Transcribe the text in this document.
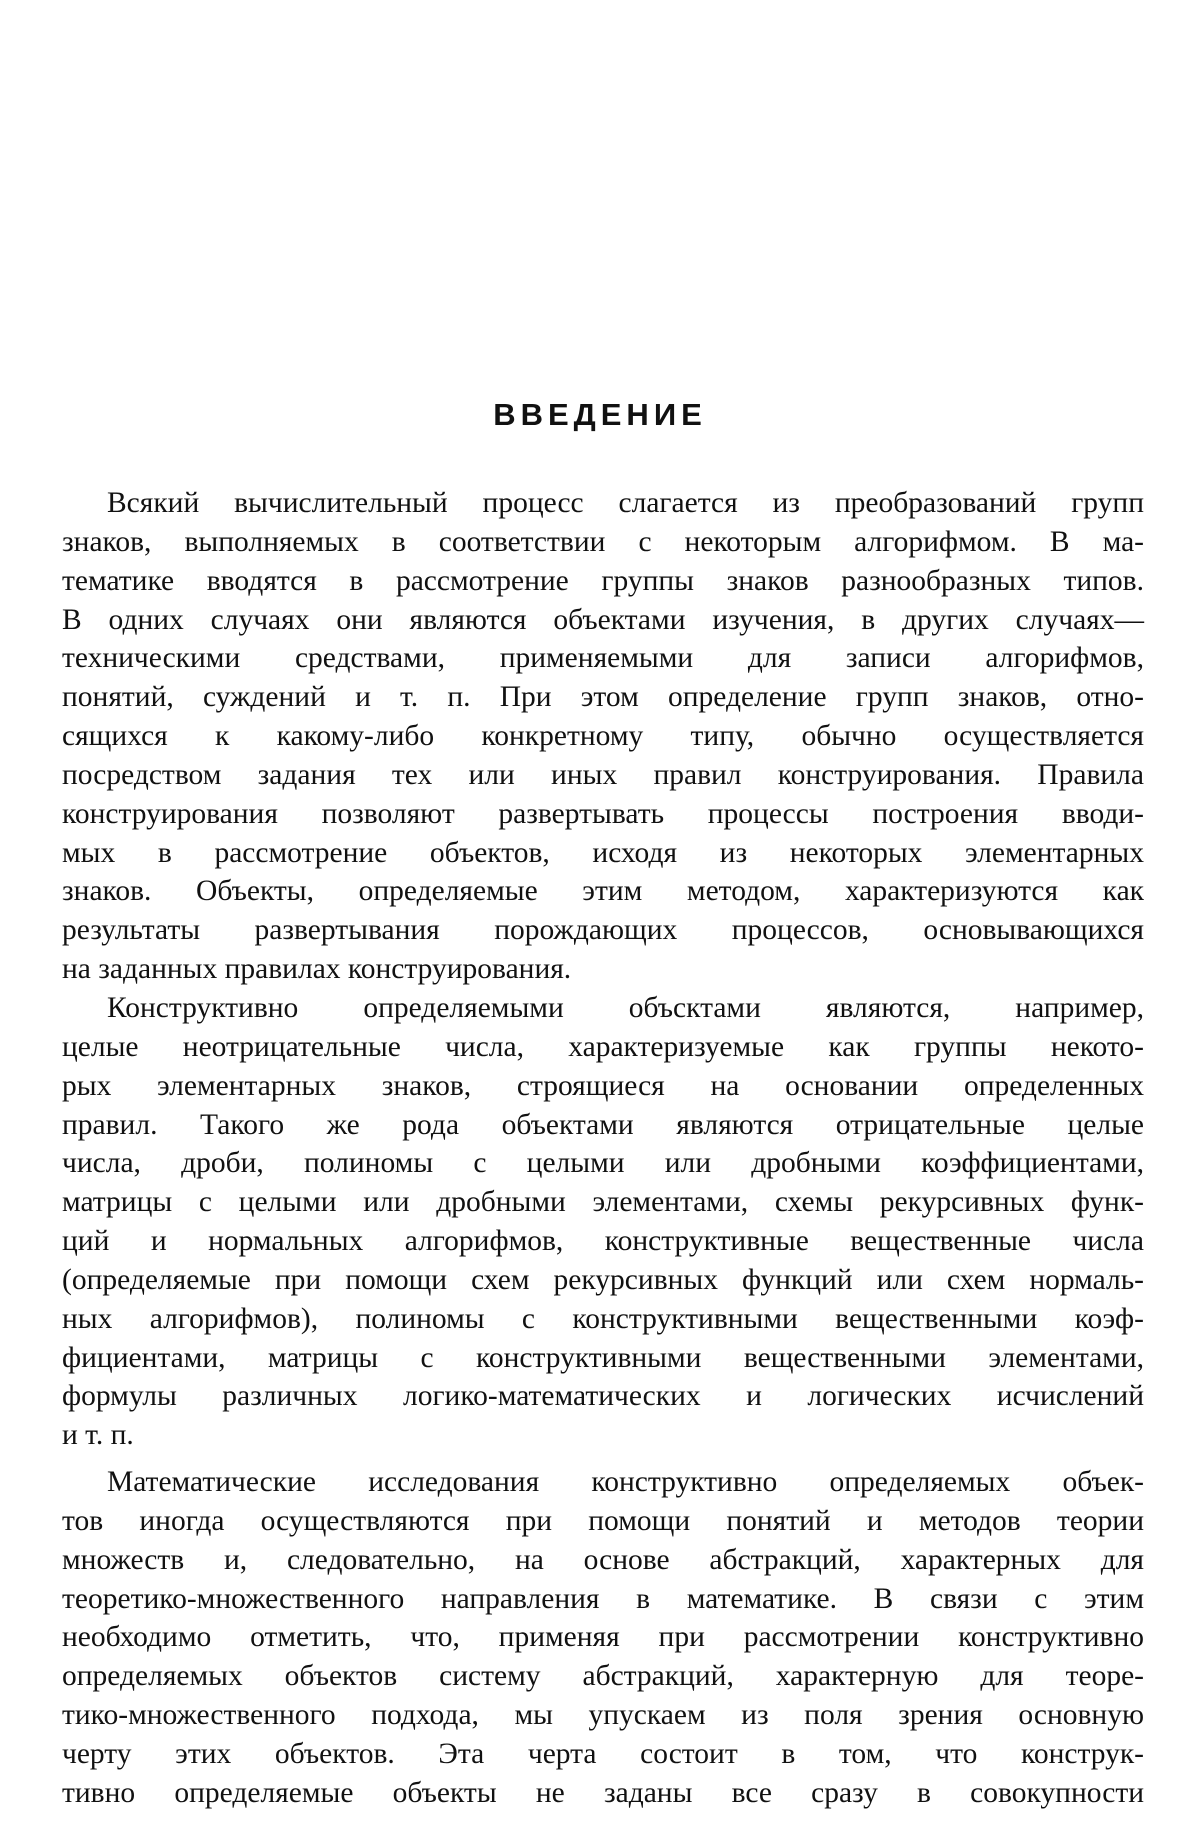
ВВЕДЕНИЕ
Всякий вычислительный процесс слагается из преобразований групп
знаков, выполняемых в соответствии с некоторым алгорифмом. В ма-
тематике вводятся в рассмотрение группы знаков разнообразных типов.
В одних случаях они являются объектами изучения, в других случаях—
техническими средствами, применяемыми для записи алгорифмов,
понятий, суждений и т. п. При этом определение групп знаков, отно-
сящихся к какому-либо конкретному типу, обычно осуществляется
посредством задания тех или иных правил конструирования. Правила
конструирования позволяют развертывать процессы построения вводи-
мых в рассмотрение объектов, исходя из некоторых элементарных
знаков. Объекты, определяемые этим методом, характеризуются как
результаты развертывания порождающих процессов, основывающихся
на заданных правилах конструирования.
Конструктивно определяемыми объсктами являются, например,
целые неотрицательные числа, характеризуемые как группы некото-
рых элементарных знаков, строящиеся на основании определенных
правил. Такого же рода объектами являются отрицательные целые
числа, дроби, полиномы с целыми или дробными коэффициентами,
матрицы с целыми или дробными элементами, схемы рекурсивных функ-
ций и нормальных алгорифмов, конструктивные вещественные числа
(определяемые при помощи схем рекурсивных функций или схем нормаль-
ных алгорифмов), полиномы с конструктивными вещественными коэф-
фициентами, матрицы с конструктивными вещественными элементами,
формулы различных логико-математических и логических исчислений
и т. п.
Математические исследования конструктивно определяемых объек-
тов иногда осуществляются при помощи понятий и методов теории
множеств и, следовательно, на основе абстракций, характерных для
теоретико-множественного направления в математике. В связи с этим
необходимо отметить, что, применяя при рассмотрении конструктивно
определяемых объектов систему абстракций, характерную для теоре-
тико-множественного подхода, мы упускаем из поля зрения основную
черту этих объектов. Эта черта состоит в том, что конструк-
тивно определяемые объекты не заданы все сразу в совокупности
